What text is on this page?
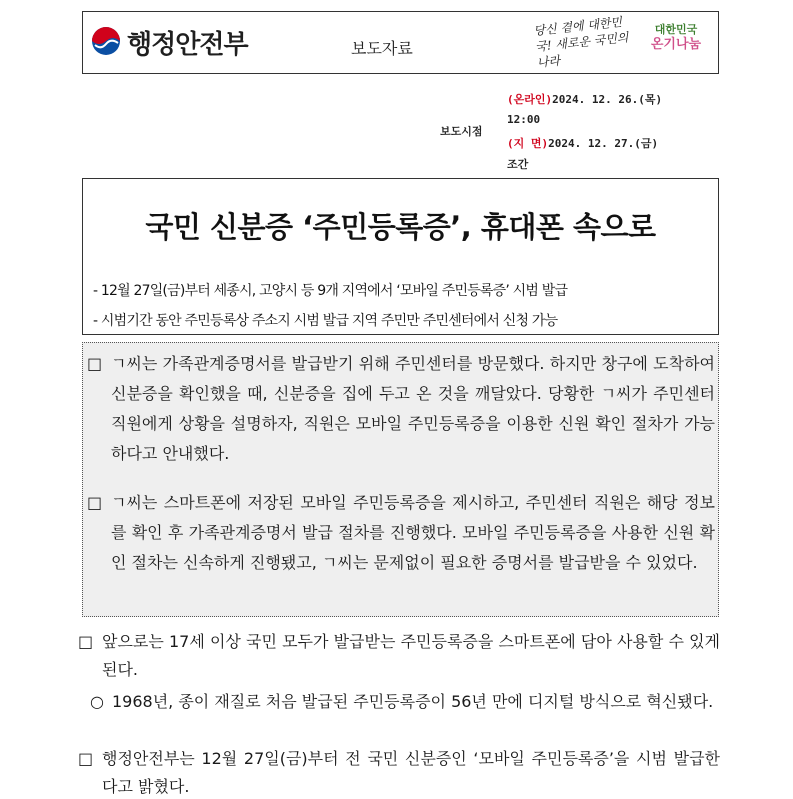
행정안전부	보도자료
당신 곁에 대한민국! 새로운 국민의 나라
대한민국
온기나눔
보도시점
(온라인)2024. 12. 26.(목)
12:00
(지 면)2024. 12. 27.(금)
조간
국민 신분증 ‘주민등록증’, 휴대폰 속으로
- 12월 27일(금)부터 세종시, 고양시 등 9개 지역에서 ‘모바일 주민등록증’ 시범 발급
- 시범기간 동안 주민등록상 주소지 시범 발급 지역 주민만 주민센터에서 신청 가능
□ ㄱ씨는 가족관계증명서를 발급받기 위해 주민센터를 방문했다. 하지만 창구에 도착하여 신분증을 확인했을 때, 신분증을 집에 두고 온 것을 깨달았다. 당황한 ㄱ씨가 주민센터 직원에게 상황을 설명하자, 직원은 모바일 주민등록증을 이용한 신원 확인 절차가 가능하다고 안내했다.
□ ㄱ씨는 스마트폰에 저장된 모바일 주민등록증을 제시하고, 주민센터 직원은 해당 정보를 확인 후 가족관계증명서 발급 절차를 진행했다. 모바일 주민등록증을 사용한 신원 확인 절차는 신속하게 진행됐고, ㄱ씨는 문제없이 필요한 증명서를 발급받을 수 있었다.
□ 앞으로는 17세 이상 국민 모두가 발급받는 주민등록증을 스마트폰에 담아 사용할 수 있게 된다.
○ 1968년, 종이 재질로 처음 발급된 주민등록증이 56년 만에 디지털 방식으로 혁신됐다.
□ 행정안전부는 12월 27일(금)부터 전 국민 신분증인 ‘모바일 주민등록증’을 시범 발급한다고 밝혔다.
